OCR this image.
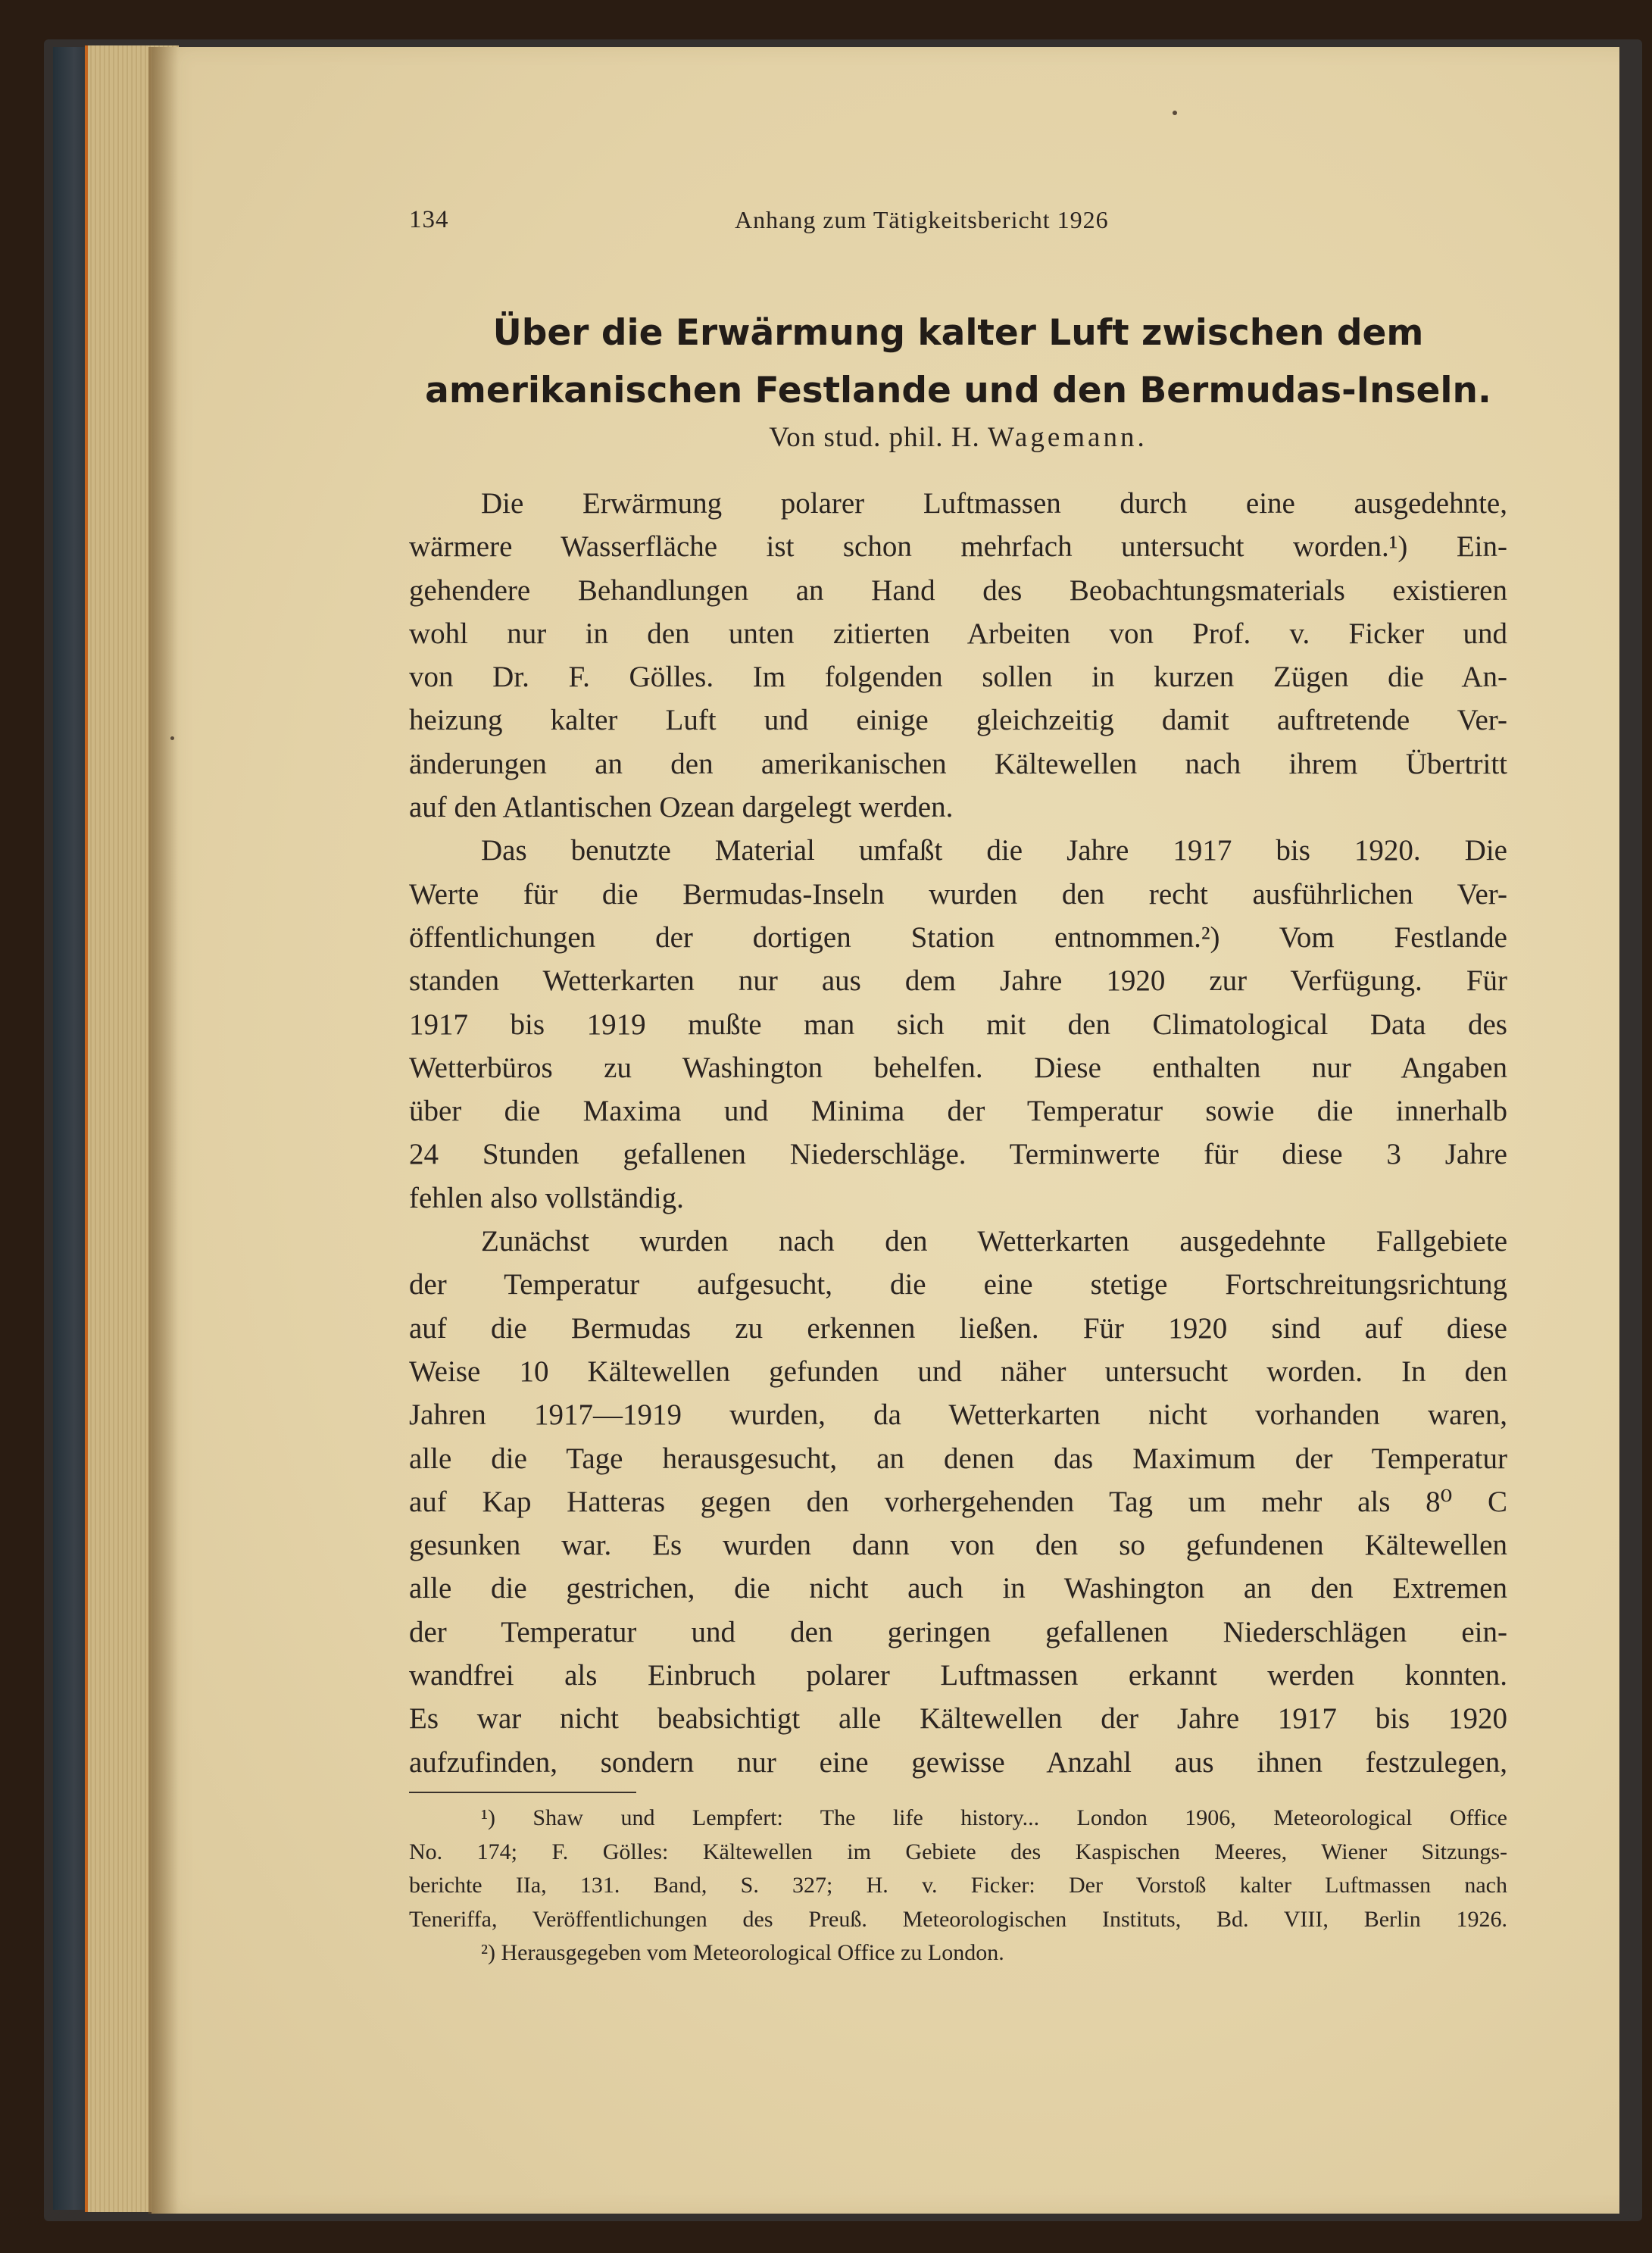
134	Anhang zum Tätigkeitsbericht 1926
Über die Erwärmung kalter Luft zwischen dem
amerikanischen Festlande und den Bermudas-Inseln.
Von stud. phil. H. Wagemann.
Die Erwärmung polarer Luftmassen durch eine ausgedehnte,
wärmere Wasserfläche ist schon mehrfach untersucht worden.¹) Ein-
gehendere Behandlungen an Hand des Beobachtungsmaterials existieren
wohl nur in den unten zitierten Arbeiten von Prof. v. Ficker und
von Dr. F. Gölles. Im folgenden sollen in kurzen Zügen die An-
heizung kalter Luft und einige gleichzeitig damit auftretende Ver-
änderungen an den amerikanischen Kältewellen nach ihrem Übertritt
auf den Atlantischen Ozean dargelegt werden.
Das benutzte Material umfaßt die Jahre 1917 bis 1920. Die
Werte für die Bermudas-Inseln wurden den recht ausführlichen Ver-
öffentlichungen der dortigen Station entnommen.²) Vom Festlande
standen Wetterkarten nur aus dem Jahre 1920 zur Verfügung. Für
1917 bis 1919 mußte man sich mit den Climatological Data des
Wetterbüros zu Washington behelfen. Diese enthalten nur Angaben
über die Maxima und Minima der Temperatur sowie die innerhalb
24 Stunden gefallenen Niederschläge. Terminwerte für diese 3 Jahre
fehlen also vollständig.
Zunächst wurden nach den Wetterkarten ausgedehnte Fallgebiete
der Temperatur aufgesucht, die eine stetige Fortschreitungsrichtung
auf die Bermudas zu erkennen ließen. Für 1920 sind auf diese
Weise 10 Kältewellen gefunden und näher untersucht worden. In den
Jahren 1917—1919 wurden, da Wetterkarten nicht vorhanden waren,
alle die Tage herausgesucht, an denen das Maximum der Temperatur
auf Kap Hatteras gegen den vorhergehenden Tag um mehr als 8⁰ C
gesunken war. Es wurden dann von den so gefundenen Kältewellen
alle die gestrichen, die nicht auch in Washington an den Extremen
der Temperatur und den geringen gefallenen Niederschlägen ein-
wandfrei als Einbruch polarer Luftmassen erkannt werden konnten.
Es war nicht beabsichtigt alle Kältewellen der Jahre 1917 bis 1920
aufzufinden, sondern nur eine gewisse Anzahl aus ihnen festzulegen,
¹) Shaw und Lempfert: The life history... London 1906, Meteorological Office
No. 174; F. Gölles: Kältewellen im Gebiete des Kaspischen Meeres, Wiener Sitzungs-
berichte IIa, 131. Band, S. 327; H. v. Ficker: Der Vorstoß kalter Luftmassen nach
Teneriffa, Veröffentlichungen des Preuß. Meteorologischen Instituts, Bd. VIII, Berlin 1926.
²) Herausgegeben vom Meteorological Office zu London.
